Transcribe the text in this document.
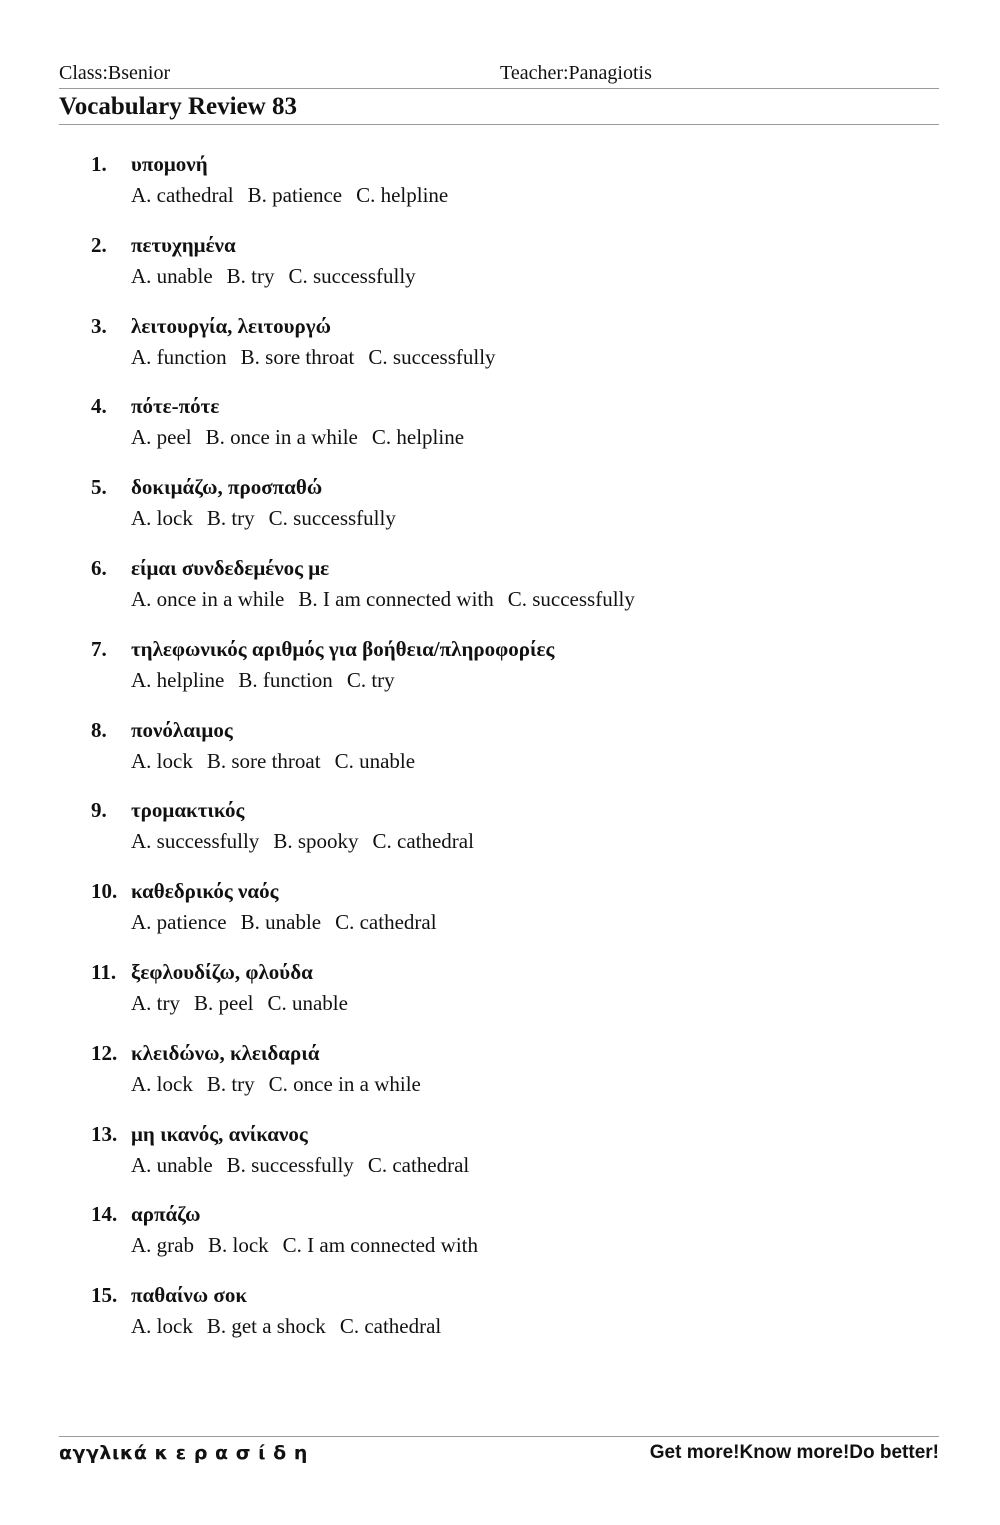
Class:Bsenior	Teacher:Panagiotis
Vocabulary Review 83
1. υπομονή
A. cathedral B. patience C. helpline
2. πετυχημένα
A. unable B. try C. successfully
3. λειτουργία, λειτουργώ
A. function B. sore throat C. successfully
4. πότε-πότε
A. peel B. once in a while C. helpline
5. δοκιμάζω, προσπαθώ
A. lock B. try C. successfully
6. είμαι συνδεδεμένος με
A. once in a while B. I am connected with C. successfully
7. τηλεφωνικός αριθμός για βοήθεια/πληροφορίες
A. helpline B. function C. try
8. πονόλαιμος
A. lock B. sore throat C. unable
9. τρομακτικός
A. successfully B. spooky C. cathedral
10. καθεδρικός ναός
A. patience B. unable C. cathedral
11. ξεφλουδίζω, φλούδα
A. try B. peel C. unable
12. κλειδώνω, κλειδαριά
A. lock B. try C. once in a while
13. μη ικανός, ανίκανος
A. unable B. successfully C. cathedral
14. αρπάζω
A. grab B. lock C. I am connected with
15. παθαίνω σοκ
A. lock B. get a shock C. cathedral
αγγλικά κ ε ρ α σ ί δ η	Get more!Know more!Do better!
